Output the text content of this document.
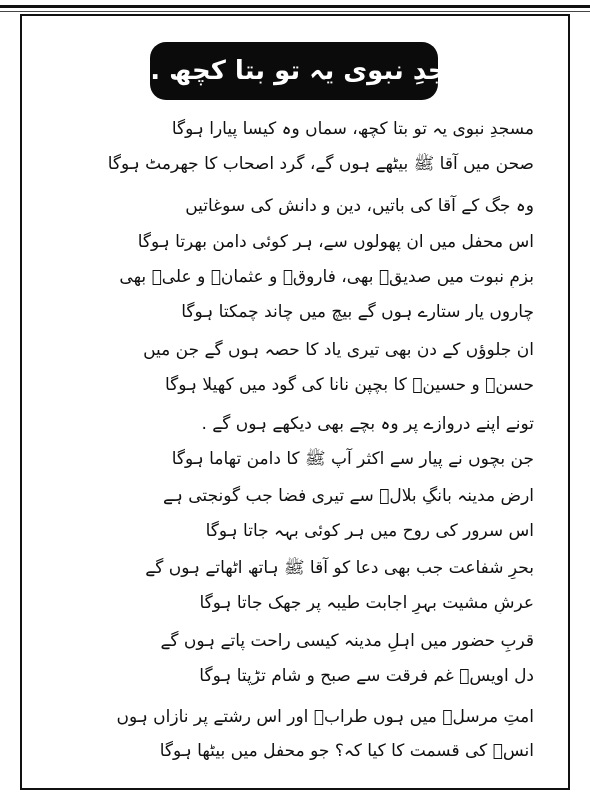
مسجدِ نبوی یہ تو بتا کچھ .....!
مسجدِ نبوی یہ تو بتا کچھ، سماں وہ کیسا پیارا ہوگا
صحن میں آقا ﷺ بیٹھے ہوں گے، گرد اصحاب کا جھرمٹ ہوگا
وہ جگ کے آقا کی باتیں، دین و دانش کی سوغاتیں
اس محفل میں ان پھولوں سے، ہر کوئی دامن بھرتا ہوگا
بزمِ نبوت میں صدیقؓ بھی، فاروقؓ و عثمانؓ و علیؓ بھی
چاروں یار ستارے ہوں گے بیچ میں چاند چمکتا ہوگا
ان جلوؤں کے دن بھی تیری یاد کا حصہ ہوں گے جن میں
حسنؓ و حسینؓ کا بچپن نانا کی گود میں کھیلا ہوگا
تونے اپنے دروازے پر وہ بچے بھی دیکھے ہوں گے .
جن بچوں نے پیار سے اکثر آپ ﷺ کا دامن تھاما ہوگا
ارضِ مدینہ بانگِ بلالؓ سے تیری فضا جب گونجتی ہے
اس سرور کی روح میں ہر کوئی بہہ جاتا ہوگا
بحرِ شفاعت جب بھی دعا کو آقا ﷺ ہاتھ اٹھاتے ہوں گے
عرشِ مشیت بہرِ اجابت طیبہ پر جھک جاتا ہوگا
قربِ حضور میں اہلِ مدینہ کیسی راحت پاتے ہوں گے
دل اویسؓ غم فرقت سے صبح و شام تڑپتا ہوگا
امتِ مرسلؐ میں ہوں طرابؔ اور اس رشتے پر نازاں ہوں
انسؓ کی قسمت کا کیا کہ؟ جو محفل میں بیٹھا ہوگا
